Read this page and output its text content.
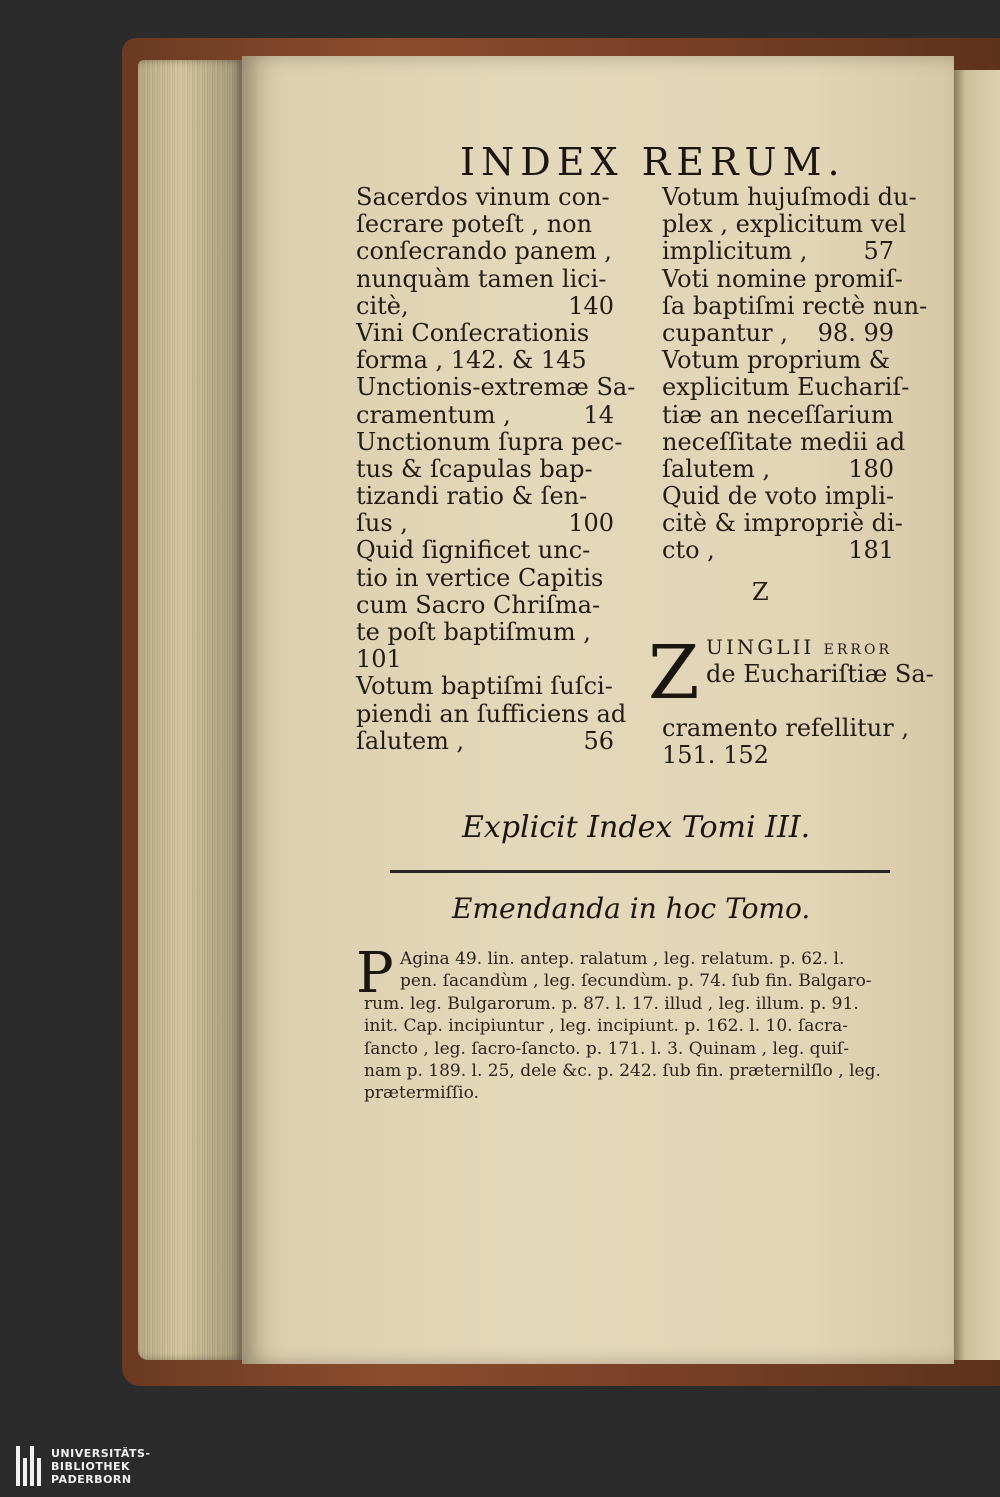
INDEX RERUM.
Sacerdos vinum con-
ſecrare poteſt , non
conſecrando panem ,
nunquàm tamen lici-
citè,	140
Vini Conſecrationis
forma , 142. & 145
Unctionis-extremæ Sa-
cramentum ,	14
Unctionum ſupra pec-
tus & ſcapulas bap-
tizandi ratio & ſen-
ſus ,	100
Quid ſignificet unc-
tio in vertice Capitis
cum Sacro Chriſma-
te poſt baptiſmum ,
101
Votum baptiſmi ſuſci-
piendi an ſufficiens ad
ſalutem ,	56
Votum hujuſmodi du-
plex , explicitum vel
implicitum , 57
Voti nomine promiſ-
ſa baptiſmi rectè nun-
cupantur , 98. 99
Votum proprium &
explicitum Euchariſ-
tiæ an neceſſarium
neceſſitate medii ad
ſalutem ,	180
Quid de voto impli-
citè & impropriè di-
cto ,	181
Z
Z UINGLII error
de Euchariſtiæ Sa-
cramento refellitur ,
151. 152
Explicit Index Tomi III.
Emendanda in hoc Tomo.
P Agina 49. lin. antep. ralatum , leg. relatum. p. 62. l.
pen. ſacandùm , leg. ſecundùm. p. 74. ſub fin. Balgaro-
rum. leg. Bulgarorum. p. 87. l. 17. illud , leg. illum. p. 91.
init. Cap. incipiuntur , leg. incipiunt. p. 162. l. 10. ſacra-
ſancto , leg. ſacro-ſancto. p. 171. l. 3. Quinam , leg. quiſ-
nam p. 189. l. 25, dele &c. p. 242. ſub fin. præternilſlo , leg.
prætermiſſio.
UNIVERSITÄTS-
BIBLIOTHEK
PADERBORN
